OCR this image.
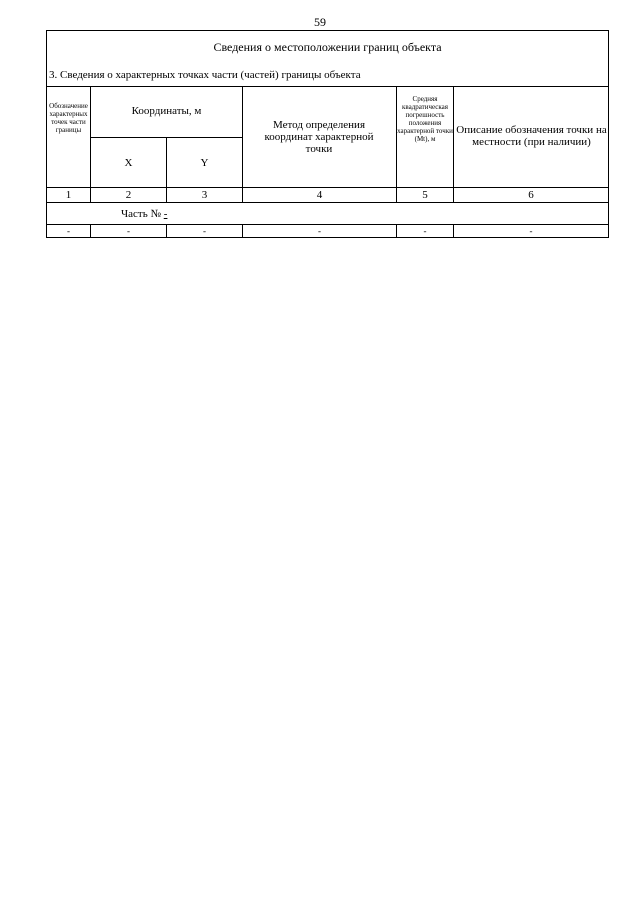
59
Сведения о местоположении границ объекта
3. Сведения о характерных точках части (частей) границы объекта
Обозначение характерных точек части границы
Координаты, м
X	Y
Метод определения координат характерной точки
Средняя квадратическая погрешность положения характерной точки (Mt), м
Описание обозначения точки на местности (при наличии)
1	2	3	4	5	6
Часть № -
-	-	-	-	-	-
